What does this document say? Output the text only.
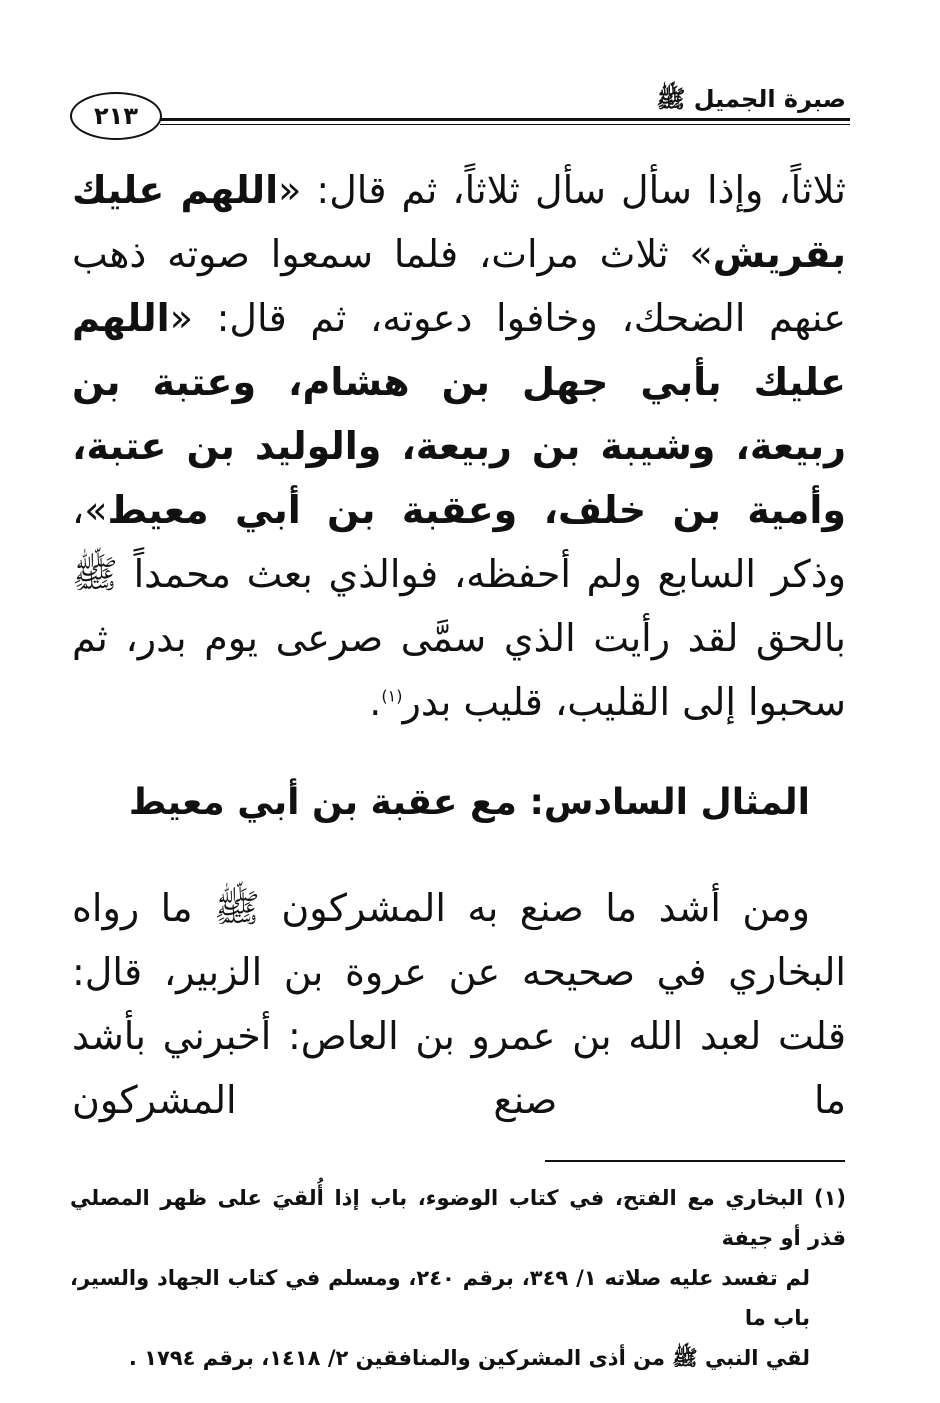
٢١٣
صبرة الجميل ﷺ

ثلاثاً، وإذا سأل سأل ثلاثاً، ثم قال: «اللهم عليك بقريش» ثلاث مرات، فلما سمعوا صوته ذهب عنهم الضحك، وخافوا دعوته، ثم قال: «اللهم عليك بأبي جهل بن هشام، وعتبة بن ربيعة، وشيبة بن ربيعة، والوليد بن عتبة، وأمية بن خلف، وعقبة بن أبي معيط»، وذكر السابع ولم أحفظه، فوالذي بعث محمداً ﷺ بالحق لقد رأيت الذي سمَّى صرعى يوم بدر، ثم سحبوا إلى القليب، قليب بدر$^{(١)}$.

المثال السادس: مع عقبة بن أبي معيط

ومن أشد ما صنع به المشركون ﷺ ما رواه البخاري في صحيحه عن عروة بن الزبير، قال: قلت لعبد الله بن عمرو بن العاص: أخبرني بأشد ما صنع المشركون

(١) البخاري مع الفتح، في كتاب الوضوء، باب إذا أُلقيَ على ظهر المصلي قذر أو جيفة
لم تفسد عليه صلاته ١/ ٣٤٩، برقم ٢٤٠، ومسلم في كتاب الجهاد والسير، باب ما
لقي النبي ﷺ من أذى المشركين والمنافقين ٢/ ١٤١٨، برقم ١٧٩٤ .
